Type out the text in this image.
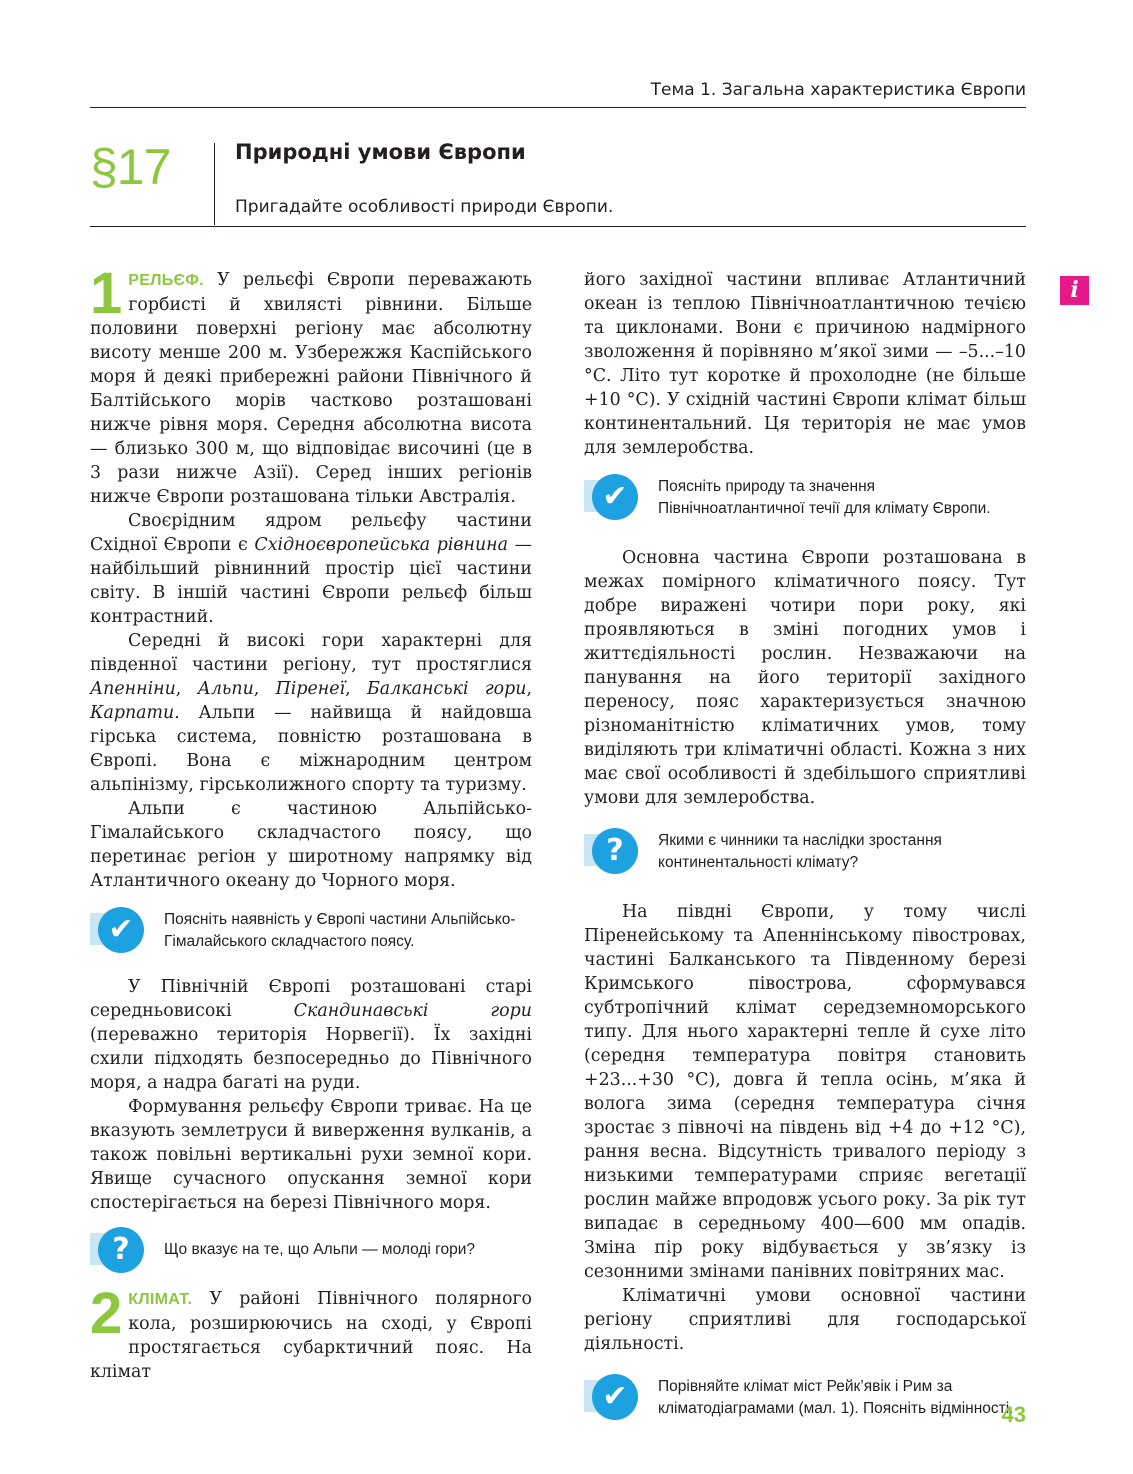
Тема 1. Загальна характеристика Європи
§17	Природні умови Європи
Пригадайте особливості природи Європи.
i

1 РЕЛЬЄФ. У рельєфі Європи переважають горбисті й хвилясті рівнини. Більше половини поверхні регіону має абсолютну висоту менше 200 м. Узбережжя Каспійського моря й деякі прибережні райони Північного й Балтійського морів частково розташовані нижче рівня моря. Середня абсолютна висота — близько 300 м, що відповідає височині (це в 3 рази нижче Азії). Серед інших регіонів нижче Європи розташована тільки Австралія.

Своєрідним ядром рельєфу частини Східної Європи є Східноєвропейська рівнина — найбільший рівнинний простір цієї частини світу. В іншій частині Європи рельєф більш контрастний.

Середні й високі гори характерні для південної частини регіону, тут простяглися Апенніни, Альпи, Піренеї, Балканські гори, Карпати. Альпи — найвища й найдовша гірська система, повністю розташована в Європі. Вона є міжнародним центром альпінізму, гірськолижного спорту та туризму.

Альпи є частиною Альпійсько-Гімалайського складчастого поясу, що перетинає регіон у широтному напрямку від Атлантичного океану до Чорного моря.

✔	Поясніть наявність у Європі частини Альпійсько-Гімалайського складчастого поясу.

У Північній Європі розташовані старі середньовисокі Скандинавські гори (переважно територія Норвегії). Їх західні схили підходять безпосередньо до Північного моря, а надра багаті на руди.

Формування рельєфу Європи триває. На це вказують землетруси й виверження вулканів, а також повільні вертикальні рухи земної кори. Явище сучасного опускання земної кори спостерігається на березі Північного моря.

?	Що вказує на те, що Альпи — молоді гори?

2 КЛІМАТ. У районі Північного полярного кола, розширюючись на сході, у Європі простягається субарктичний пояс. На клімат

його західної частини впливає Атлантичний океан із теплою Північноатлантичною течією та циклонами. Вони є причиною надмірного зволоження й порівняно м’якої зими — –5...–10 °С. Літо тут коротке й прохолодне (не більше +10 °С). У східній частині Європи клімат більш континентальний. Ця територія не має умов для землеробства.

✔	Поясніть природу та значення Північноатлантичної течії для клімату Європи.

Основна частина Європи розташована в межах помірного кліматичного поясу. Тут добре виражені чотири пори року, які проявляються в зміні погодних умов і життєдіяльності рослин. Незважаючи на панування на його території західного переносу, пояс характеризується значною різноманітністю кліматичних умов, тому виділяють три кліматичні області. Кожна з них має свої особливості й здебільшого сприятливі умови для землеробства.

?	Якими є чинники та наслідки зростання континентальності клімату?

На півдні Європи, у тому числі Піренейському та Апеннінському півостровах, частині Балканського та Південному березі Кримського півострова, сформувався субтропічний клімат середземноморського типу. Для нього характерні тепле й сухе літо (середня температура повітря становить +23...+30 °С), довга й тепла осінь, м’яка й волога зима (середня температура січня зростає з півночі на південь від +4 до +12 °С), рання весна. Відсутність тривалого періоду з низькими температурами сприяє вегетації рослин майже впродовж усього року. За рік тут випадає в середньому 400—600 мм опадів. Зміна пір року відбувається у зв’язку із сезонними змінами панівних повітряних мас.

Кліматичні умови основної частини регіону сприятливі для господарської діяльності.

✔	Порівняйте клімат міст Рейк’явік і Рим за кліматодіаграмами (мал. 1). Поясніть відмінності.
43
